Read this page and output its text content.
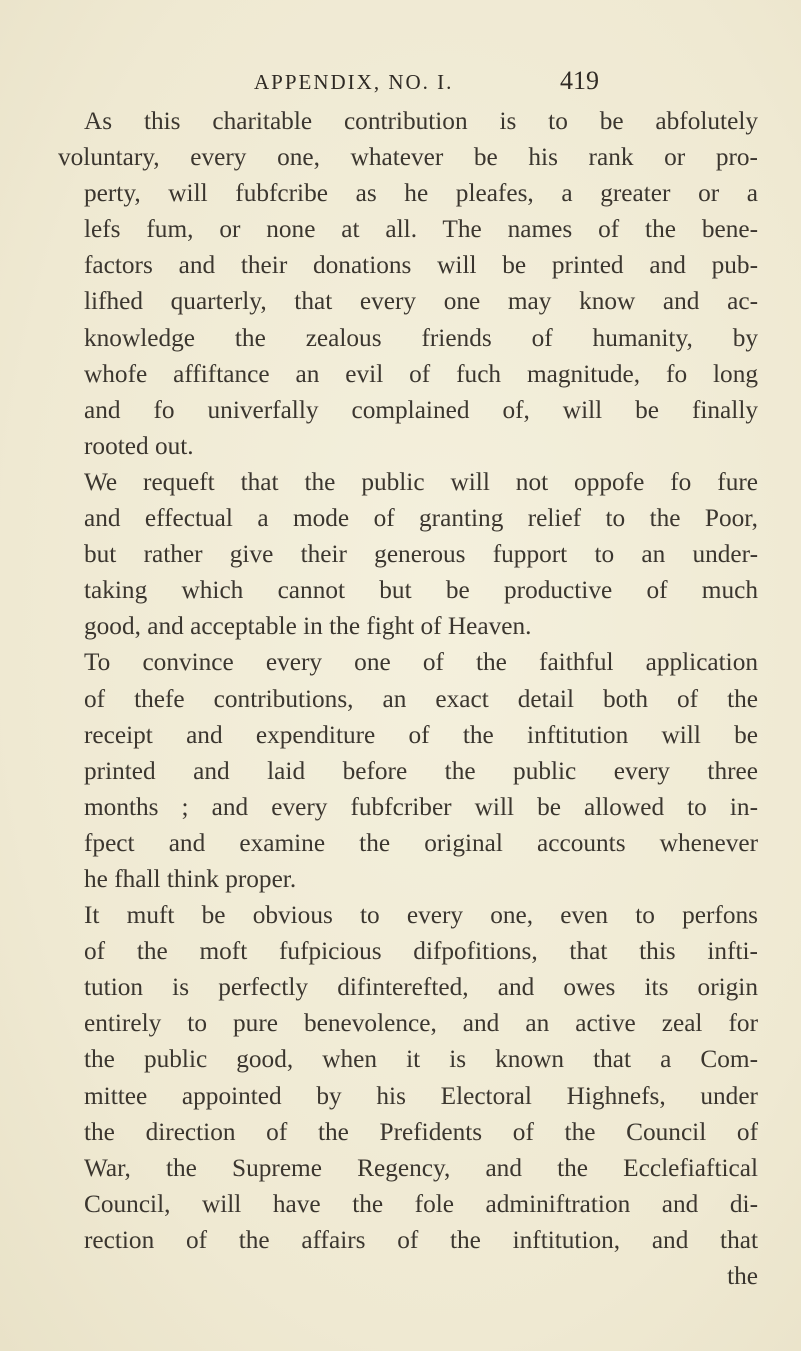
APPENDIX, NO. I.	419
As this charitable contribution is to be abfolutely
voluntary, every one, whatever be his rank or pro-
perty, will fubfcribe as he pleafes, a greater or a
lefs fum, or none at all. The names of the bene-
factors and their donations will be printed and pub-
lifhed quarterly, that every one may know and ac-
knowledge the zealous friends of humanity, by
whofe affiftance an evil of fuch magnitude, fo long
and fo univerfally complained of, will be finally
rooted out.
We requeft that the public will not oppofe fo fure
and effectual a mode of granting relief to the Poor,
but rather give their generous fupport to an under-
taking which cannot but be productive of much
good, and acceptable in the fight of Heaven.
To convince every one of the faithful application
of thefe contributions, an exact detail both of the
receipt and expenditure of the inftitution will be
printed and laid before the public every three
months ; and every fubfcriber will be allowed to in-
fpect and examine the original accounts whenever
he fhall think proper.
It muft be obvious to every one, even to perfons
of the moft fufpicious difpofitions, that this infti-
tution is perfectly difinterefted, and owes its origin
entirely to pure benevolence, and an active zeal for
the public good, when it is known that a Com-
mittee appointed by his Electoral Highnefs, under
the direction of the Prefidents of the Council of
War, the Supreme Regency, and the Ecclefiaftical
Council, will have the fole adminiftration and di-
rection of the affairs of the inftitution, and that
the
